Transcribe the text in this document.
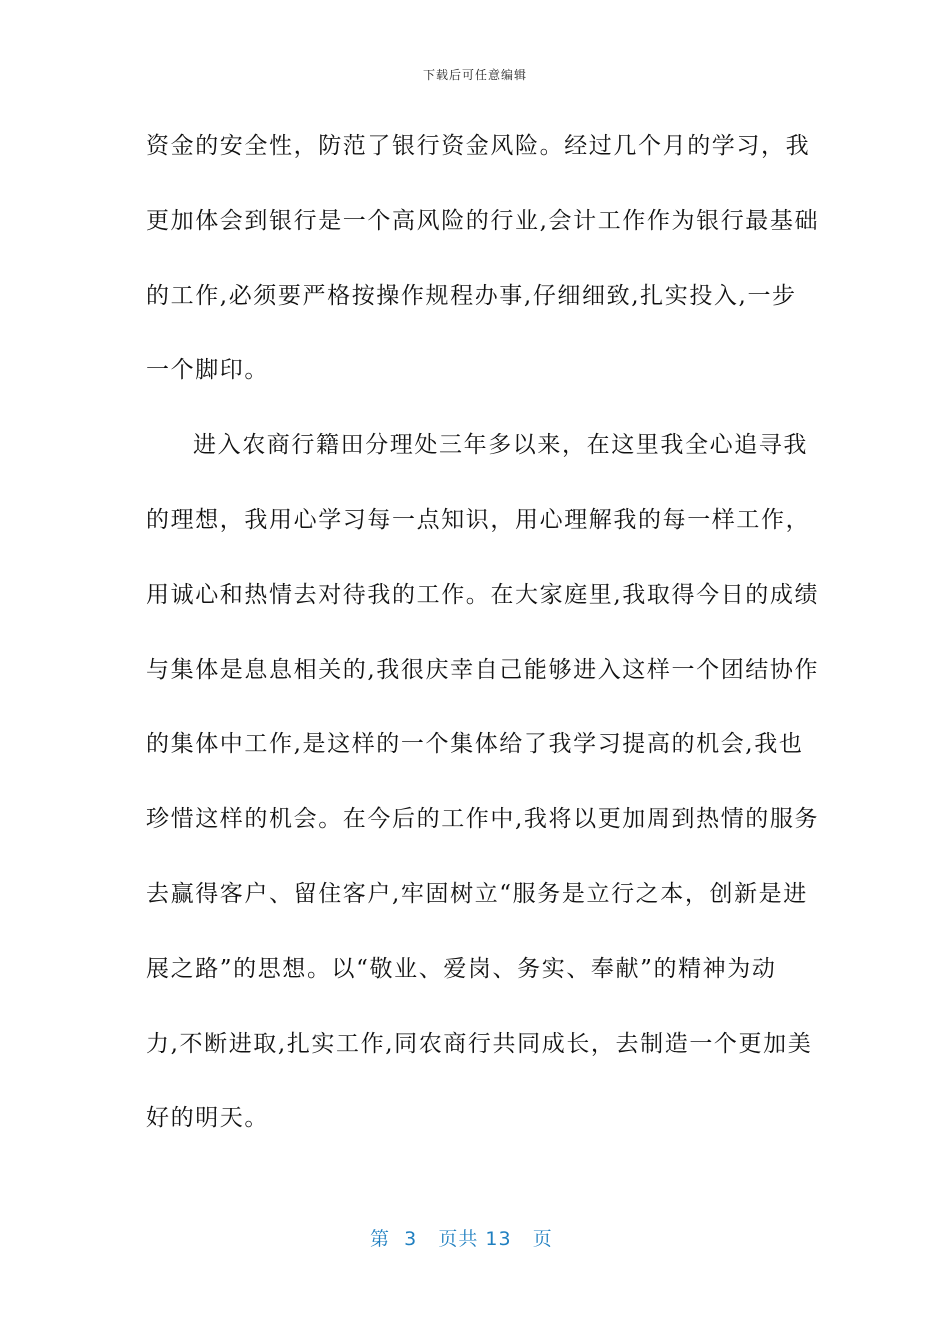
下载后可任意编辑
资金的安全性，防范了银行资金风险。经过几个月的学习，我
更加体会到银行是一个高风险的行业,会计工作作为银行最基础
的工作,必须要严格按操作规程办事,仔细细致,扎实投入,一步
一个脚印。
进入农商行籍田分理处三年多以来，在这里我全心追寻我
的理想，我用心学习每一点知识，用心理解我的每一样工作，
用诚心和热情去对待我的工作。在大家庭里,我取得今日的成绩
与集体是息息相关的,我很庆幸自己能够进入这样一个团结协作
的集体中工作,是这样的一个集体给了我学习提高的机会,我也
珍惜这样的机会。在今后的工作中,我将以更加周到热情的服务
去赢得客户、留住客户,牢固树立“服务是立行之本，创新是进
展之路”的思想。以“敬业、爱岗、务实、奉献”的精神为动
力,不断进取,扎实工作,同农商行共同成长，去制造一个更加美
好的明天。
第 3 页共 13 页
